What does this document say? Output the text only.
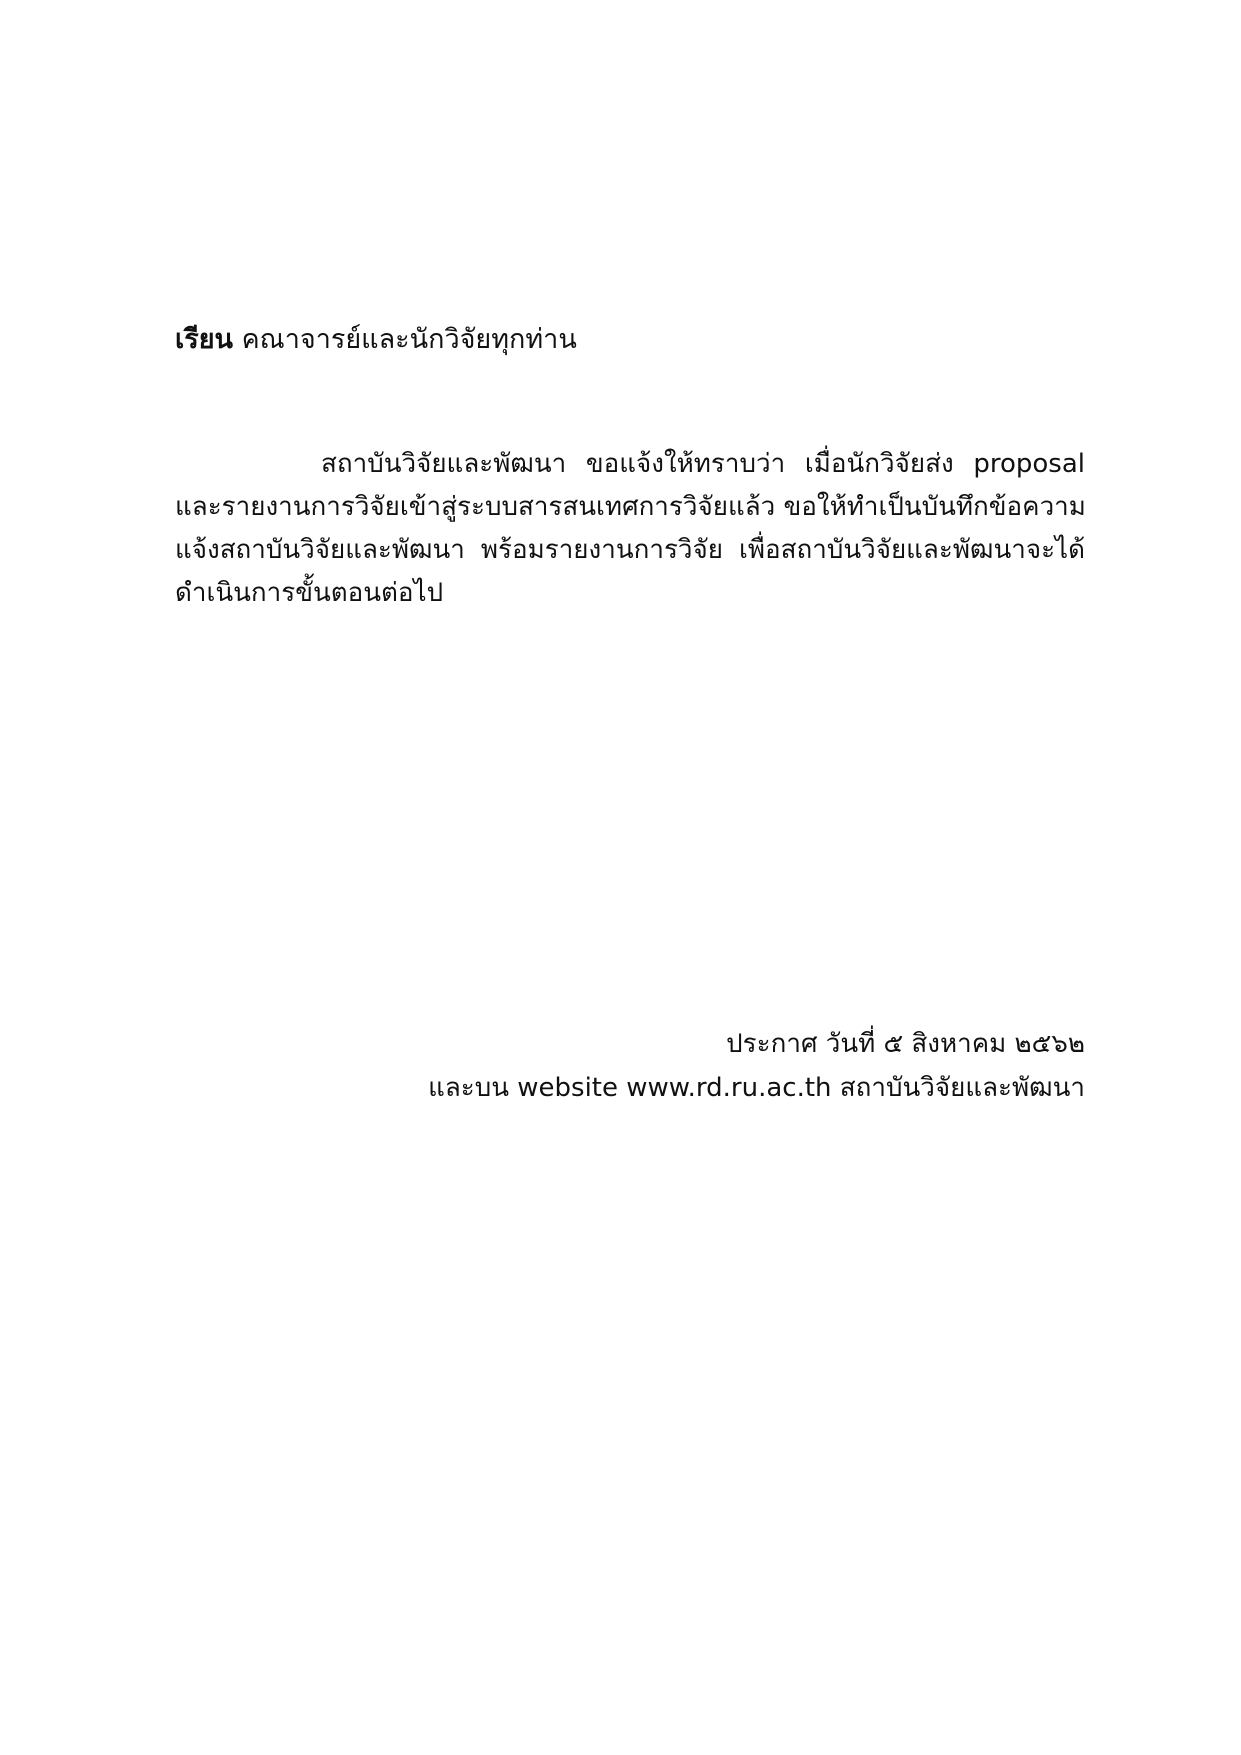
เรียน คณาจารย์และนักวิจัยทุกท่าน
สถาบันวิจัยและพัฒนา ขอแจ้งให้ทราบว่า เมื่อนักวิจัยส่ง proposal
และรายงานการวิจัยเข้าสู่ระบบสารสนเทศการวิจัยแล้ว ขอให้ทำเป็นบันทึกข้อความ
แจ้งสถาบันวิจัยและพัฒนา พร้อมรายงานการวิจัย เพื่อสถาบันวิจัยและพัฒนาจะได้
ดำเนินการขั้นตอนต่อไป
ประกาศ วันที่ ๕ สิงหาคม ๒๕๖๒
และบน website www.rd.ru.ac.th สถาบันวิจัยและพัฒนา
